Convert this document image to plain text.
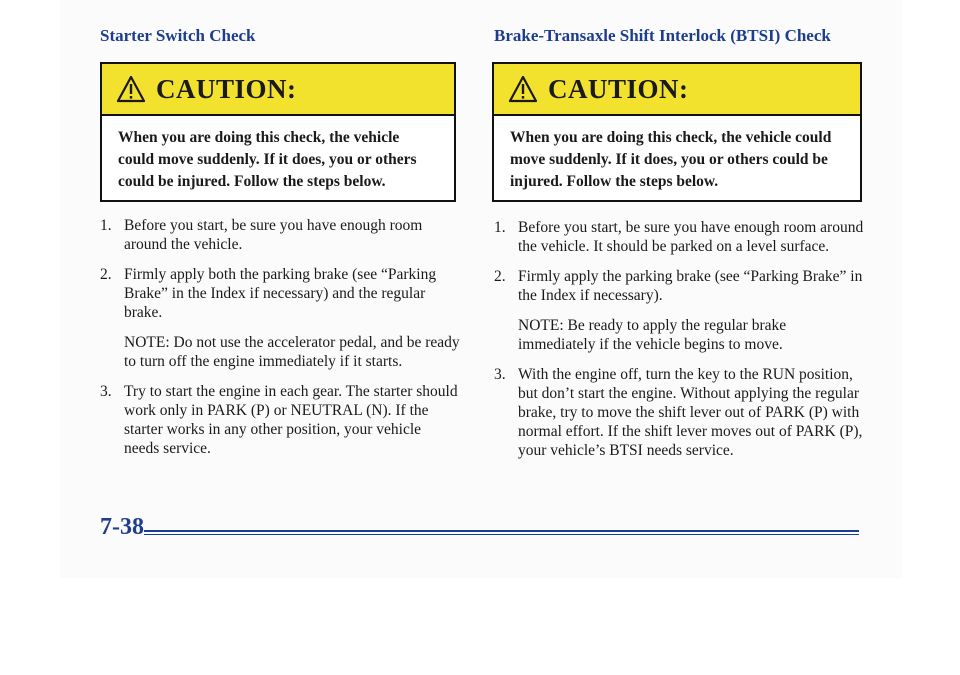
Starter Switch Check
CAUTION:
When you are doing this check, the vehicle could move suddenly. If it does, you or others could be injured. Follow the steps below.
1. Before you start, be sure you have enough room around the vehicle.
2. Firmly apply both the parking brake (see “Parking Brake” in the Index if necessary) and the regular brake.
NOTE: Do not use the accelerator pedal, and be ready to turn off the engine immediately if it starts.
3. Try to start the engine in each gear. The starter should work only in PARK (P) or NEUTRAL (N). If the starter works in any other position, your vehicle needs service.
Brake-Transaxle Shift Interlock (BTSI) Check
CAUTION:
When you are doing this check, the vehicle could move suddenly. If it does, you or others could be injured. Follow the steps below.
1. Before you start, be sure you have enough room around the vehicle. It should be parked on a level surface.
2. Firmly apply the parking brake (see “Parking Brake” in the Index if necessary).
NOTE: Be ready to apply the regular brake immediately if the vehicle begins to move.
3. With the engine off, turn the key to the RUN position, but don’t start the engine. Without applying the regular brake, try to move the shift lever out of PARK (P) with normal effort. If the shift lever moves out of PARK (P), your vehicle’s BTSI needs service.
7-38
